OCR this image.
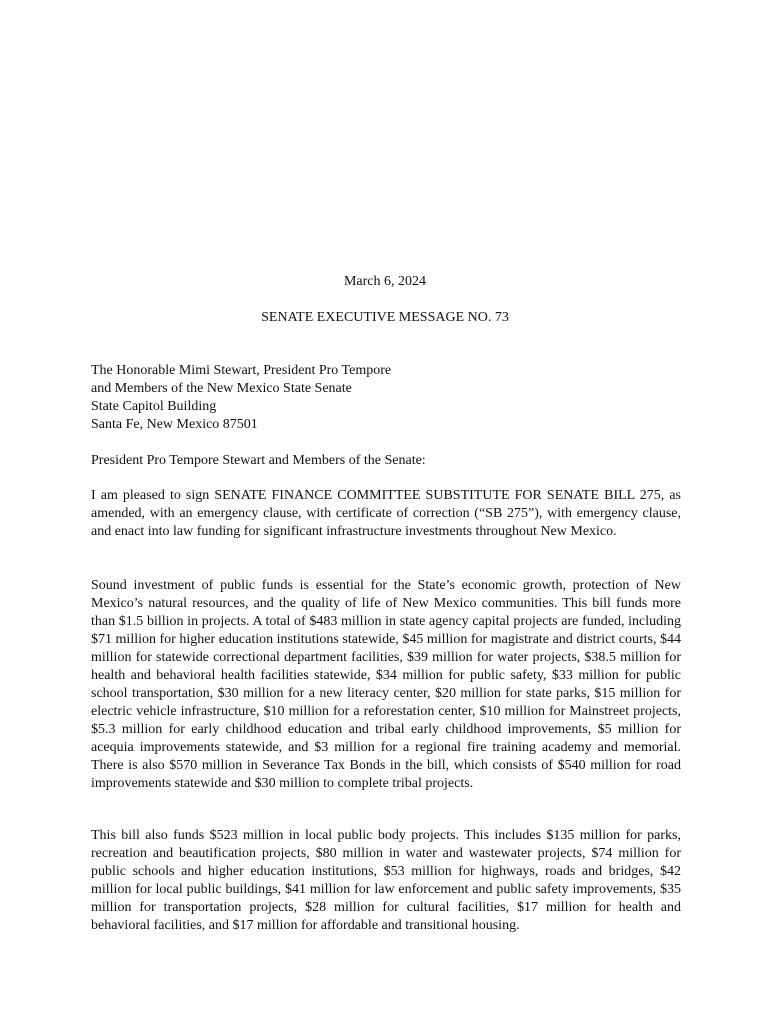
March 6, 2024
SENATE EXECUTIVE MESSAGE NO. 73
The Honorable Mimi Stewart, President Pro Tempore
and Members of the New Mexico State Senate
State Capitol Building
Santa Fe, New Mexico 87501
President Pro Tempore Stewart and Members of the Senate:
I am pleased to sign SENATE FINANCE COMMITTEE SUBSTITUTE FOR SENATE BILL 275, as amended, with an emergency clause, with certificate of correction (“SB 275”), with emergency clause, and enact into law funding for significant infrastructure investments throughout New Mexico.
Sound investment of public funds is essential for the State’s economic growth, protection of New Mexico’s natural resources, and the quality of life of New Mexico communities. This bill funds more than $1.5 billion in projects. A total of $483 million in state agency capital projects are funded, including $71 million for higher education institutions statewide, $45 million for magistrate and district courts, $44 million for statewide correctional department facilities, $39 million for water projects, $38.5 million for health and behavioral health facilities statewide, $34 million for public safety, $33 million for public school transportation, $30 million for a new literacy center, $20 million for state parks, $15 million for electric vehicle infrastructure, $10 million for a reforestation center, $10 million for Mainstreet projects, $5.3 million for early childhood education and tribal early childhood improvements, $5 million for acequia improvements statewide, and $3 million for a regional fire training academy and memorial. There is also $570 million in Severance Tax Bonds in the bill, which consists of $540 million for road improvements statewide and $30 million to complete tribal projects.
This bill also funds $523 million in local public body projects. This includes $135 million for parks, recreation and beautification projects, $80 million in water and wastewater projects, $74 million for public schools and higher education institutions, $53 million for highways, roads and bridges, $42 million for local public buildings, $41 million for law enforcement and public safety improvements, $35 million for transportation projects, $28 million for cultural facilities, $17 million for health and behavioral facilities, and $17 million for affordable and transitional housing.
